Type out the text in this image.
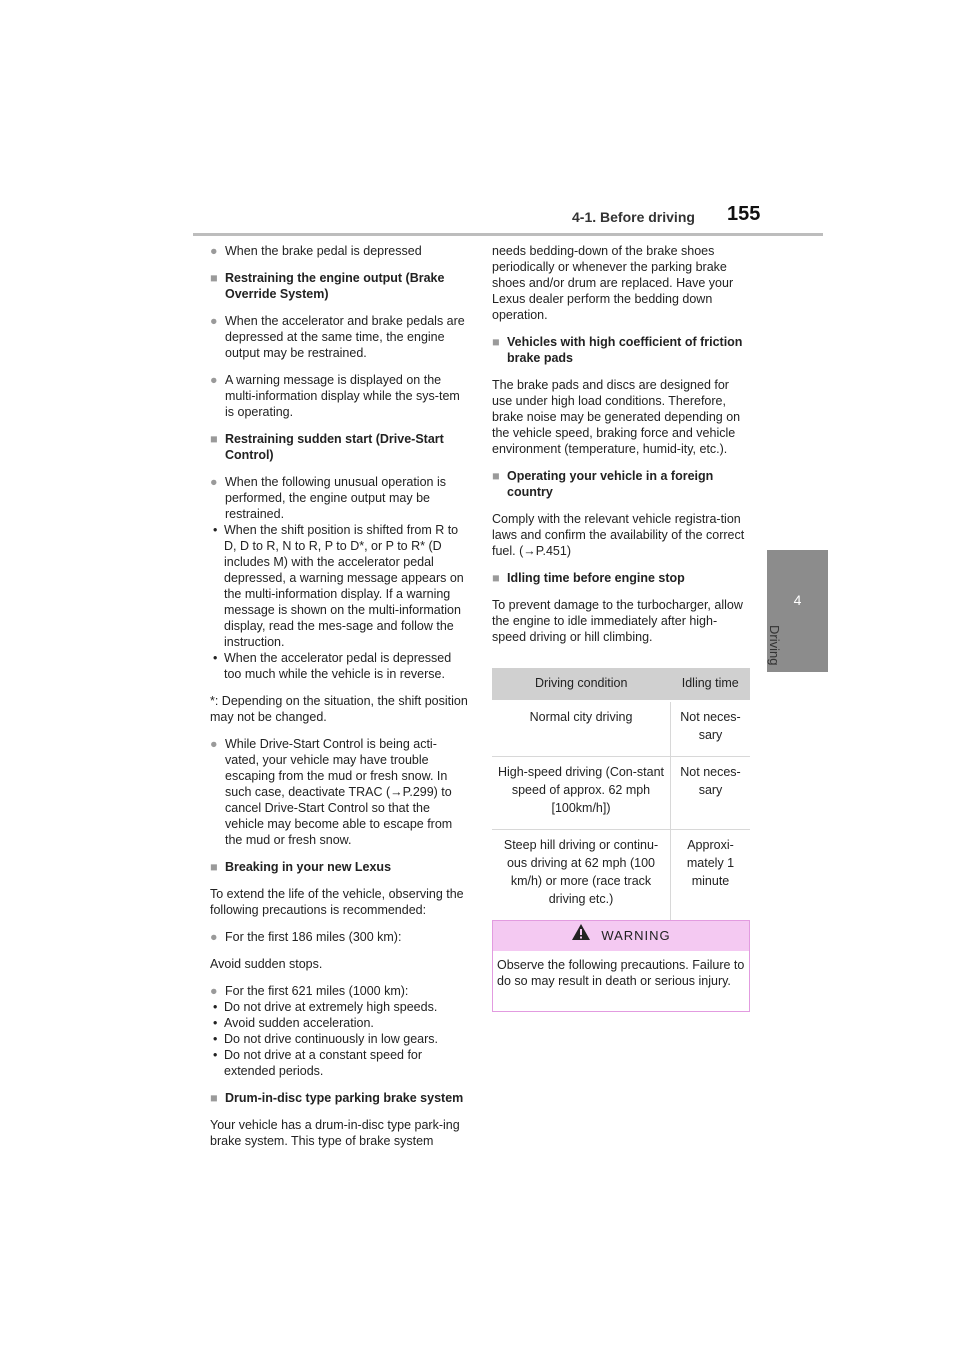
4-1. Before driving 155
4
Driving
● When the brake pedal is depressed
■ Restraining the engine output (Brake Override System)
● When the accelerator and brake pedals are depressed at the same time, the engine output may be restrained.
● A warning message is displayed on the multi-information display while the sys-tem is operating.
■ Restraining sudden start (Drive-Start Control)
● When the following unusual operation is performed, the engine output may be restrained.
• When the shift position is shifted from R to D, D to R, N to R, P to D*, or P to R* (D includes M) with the accelerator pedal depressed, a warning message appears on the multi-information display. If a warning message is shown on the multi-information display, read the mes-sage and follow the instruction.
• When the accelerator pedal is depressed too much while the vehicle is in reverse.
*: Depending on the situation, the shift position may not be changed.
● While Drive-Start Control is being acti-vated, your vehicle may have trouble escaping from the mud or fresh snow. In such case, deactivate TRAC (→P.299) to cancel Drive-Start Control so that the vehicle may become able to escape from the mud or fresh snow.
■ Breaking in your new Lexus
To extend the life of the vehicle, observing the following precautions is recommended:
● For the first 186 miles (300 km):
Avoid sudden stops.
● For the first 621 miles (1000 km):
• Do not drive at extremely high speeds.
• Avoid sudden acceleration.
• Do not drive continuously in low gears.
• Do not drive at a constant speed for extended periods.
■ Drum-in-disc type parking brake system
Your vehicle has a drum-in-disc type park-ing brake system. This type of brake system
needs bedding-down of the brake shoes periodically or whenever the parking brake shoes and/or drum are replaced. Have your Lexus dealer perform the bedding down operation.
■ Vehicles with high coefficient of friction brake pads
The brake pads and discs are designed for use under high load conditions. Therefore, brake noise may be generated depending on the vehicle speed, braking force and vehicle environment (temperature, humid-ity, etc.).
■ Operating your vehicle in a foreign country
Comply with the relevant vehicle registra-tion laws and confirm the availability of the correct fuel. (→P.451)
■ Idling time before engine stop
To prevent damage to the turbocharger, allow the engine to idle immediately after high-speed driving or hill climbing.
Driving condition	Idling time
Normal city driving	Not neces-sary
High-speed driving (Con-stant speed of approx. 62 mph [100km/h])	Not neces-sary
Steep hill driving or continu-ous driving at 62 mph (100 km/h) or more (race track driving etc.)	Approxi-mately 1 minute
WARNING
Observe the following precautions. Failure to do so may result in death or serious injury.
